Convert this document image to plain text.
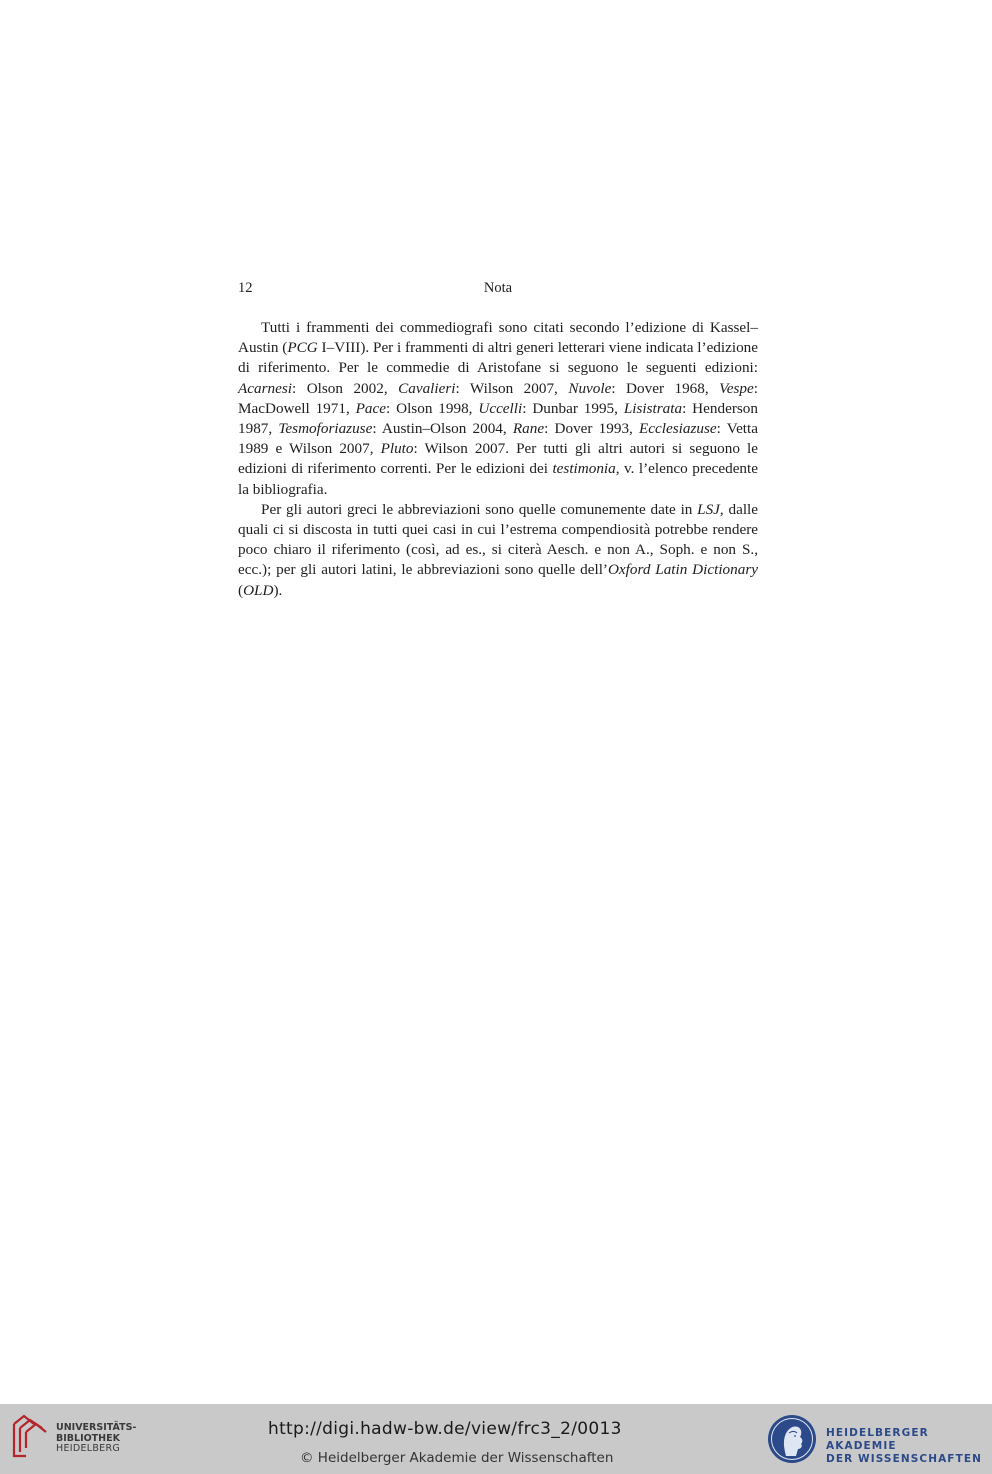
12	Nota

Tutti i frammenti dei commediografi sono citati secondo l’edizione di Kassel–Austin (PCG I–VIII). Per i frammenti di altri generi letterari viene indicata l’edizione di riferimento. Per le commedie di Aristofane si seguono le seguenti edizioni: Acarnesi: Olson 2002, Cavalieri: Wilson 2007, Nuvole: Dover 1968, Vespe: MacDowell 1971, Pace: Olson 1998, Uccelli: Dunbar 1995, Lisistrata: Henderson 1987, Tesmoforiazuse: Austin–Olson 2004, Rane: Dover 1993, Ecclesiazuse: Vetta 1989 e Wilson 2007, Pluto: Wilson 2007. Per tutti gli altri autori si seguono le edizioni di riferimento correnti. Per le edizioni dei testimonia, v. l’elenco precedente la bibliografia.

Per gli autori greci le abbreviazioni sono quelle comunemente date in LSJ, dalle quali ci si discosta in tutti quei casi in cui l’estrema compendiosità potrebbe rendere poco chiaro il riferimento (così, ad es., si citerà Aesch. e non A., Soph. e non S., ecc.); per gli autori latini, le abbreviazioni sono quelle dell’Oxford Latin Dictionary (OLD).

UNIVERSITÄTS-
BIBLIOTHEK
HEIDELBERG
http://digi.hadw-bw.de/view/frc3_2/0013
© Heidelberger Akademie der Wissenschaften
HEIDELBERGER AKADEMIE
DER WISSENSCHAFTEN
